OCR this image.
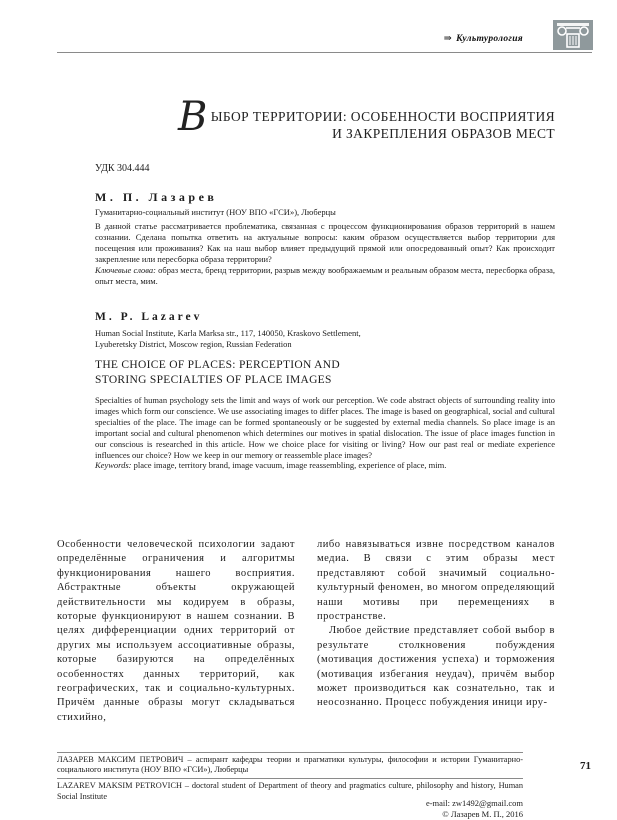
⇒ Культурология
ВЫБОР ТЕРРИТОРИИ: ОСОБЕННОСТИ ВОСПРИЯТИЯ
И ЗАКРЕПЛЕНИЯ ОБРАЗОВ МЕСТ
УДК 304.444
М. П. Лазарев
Гуманитарно-социальный институт (НОУ ВПО «ГСИ»), Люберцы
В данной статье рассматривается проблематика, связанная с процессом функционирования образов территорий в нашем сознании. Сделана попытка ответить на актуальные вопросы: каким образом осуществляется выбор территории для посещения или проживания? Как на наш выбор влияет предыдущий прямой или опосредованный опыт? Как происходит закрепление или пересборка образа территории?
Ключевые слова: образ места, бренд территории, разрыв между воображаемым и реальным образом места, пересборка образа, опыт места, мим.
M. P. Lazarev
Human Social Institute, Karla Marksa str., 117, 140050, Kraskovo Settlement,
Lyuberetsky District, Moscow region, Russian Federation
THE CHOICE OF PLACES: PERCEPTION AND
STORING SPECIALTIES OF PLACE IMAGES
Specialties of human psychology sets the limit and ways of work our perception. We code abstract objects of surrounding reality into images which form our conscience. We use associating images to differ places. The image is based on geographical, social and cultural specialties of the place. The image can be formed spontaneously or be suggested by external media channels. So place image is an important social and cultural phenomenon which determines our motives in spatial dislocation. The issue of place images function in our conscious is researched in this article. How we choice place for visiting or living? How our past real or mediate experience influences our choice? How we keep in our memory or reassemble place images?
Keywords: place image, territory brand, image vacuum, image reassembling, experience of place, mim.

Особенности человеческой психологии задают определённые ограничения и алгоритмы функционирования нашего восприятия. Абстрактные объекты окружающей действительности мы кодируем в образы, которые функционируют в нашем сознании. В целях дифференциации одних территорий от других мы используем ассоциативные образы, которые базируются на определённых особенностях данных территорий, как географических, так и социально-культурных. Причём данные образы могут складываться стихийно,

либо навязываться извне посредством каналов медиа. В связи с этим образы мест представляют собой значимый социально-культурный феномен, во многом определяющий наши мотивы при перемещениях в пространстве.

Любое действие представляет собой выбор в результате столкновения побуждения (мотивация достижения успеха) и торможения (мотивация избегания неудач), причём выбор может производиться как сознательно, так и неосознанно. Процесс побуждения иници иру-

ЛАЗАРЕВ МАКСИМ ПЕТРОВИЧ – аспирант кафедры теории и прагматики культуры, философии и истории Гуманитарно-социального института (НОУ ВПО «ГСИ»), Люберцы

LAZAREV MAKSIM PETROVICH – doctoral student of Department of theory and pragmatics culture, philosophy and history, Human Social Institute

71
e-mail: zw1492@gmail.com
© Лазарев М. П., 2016
